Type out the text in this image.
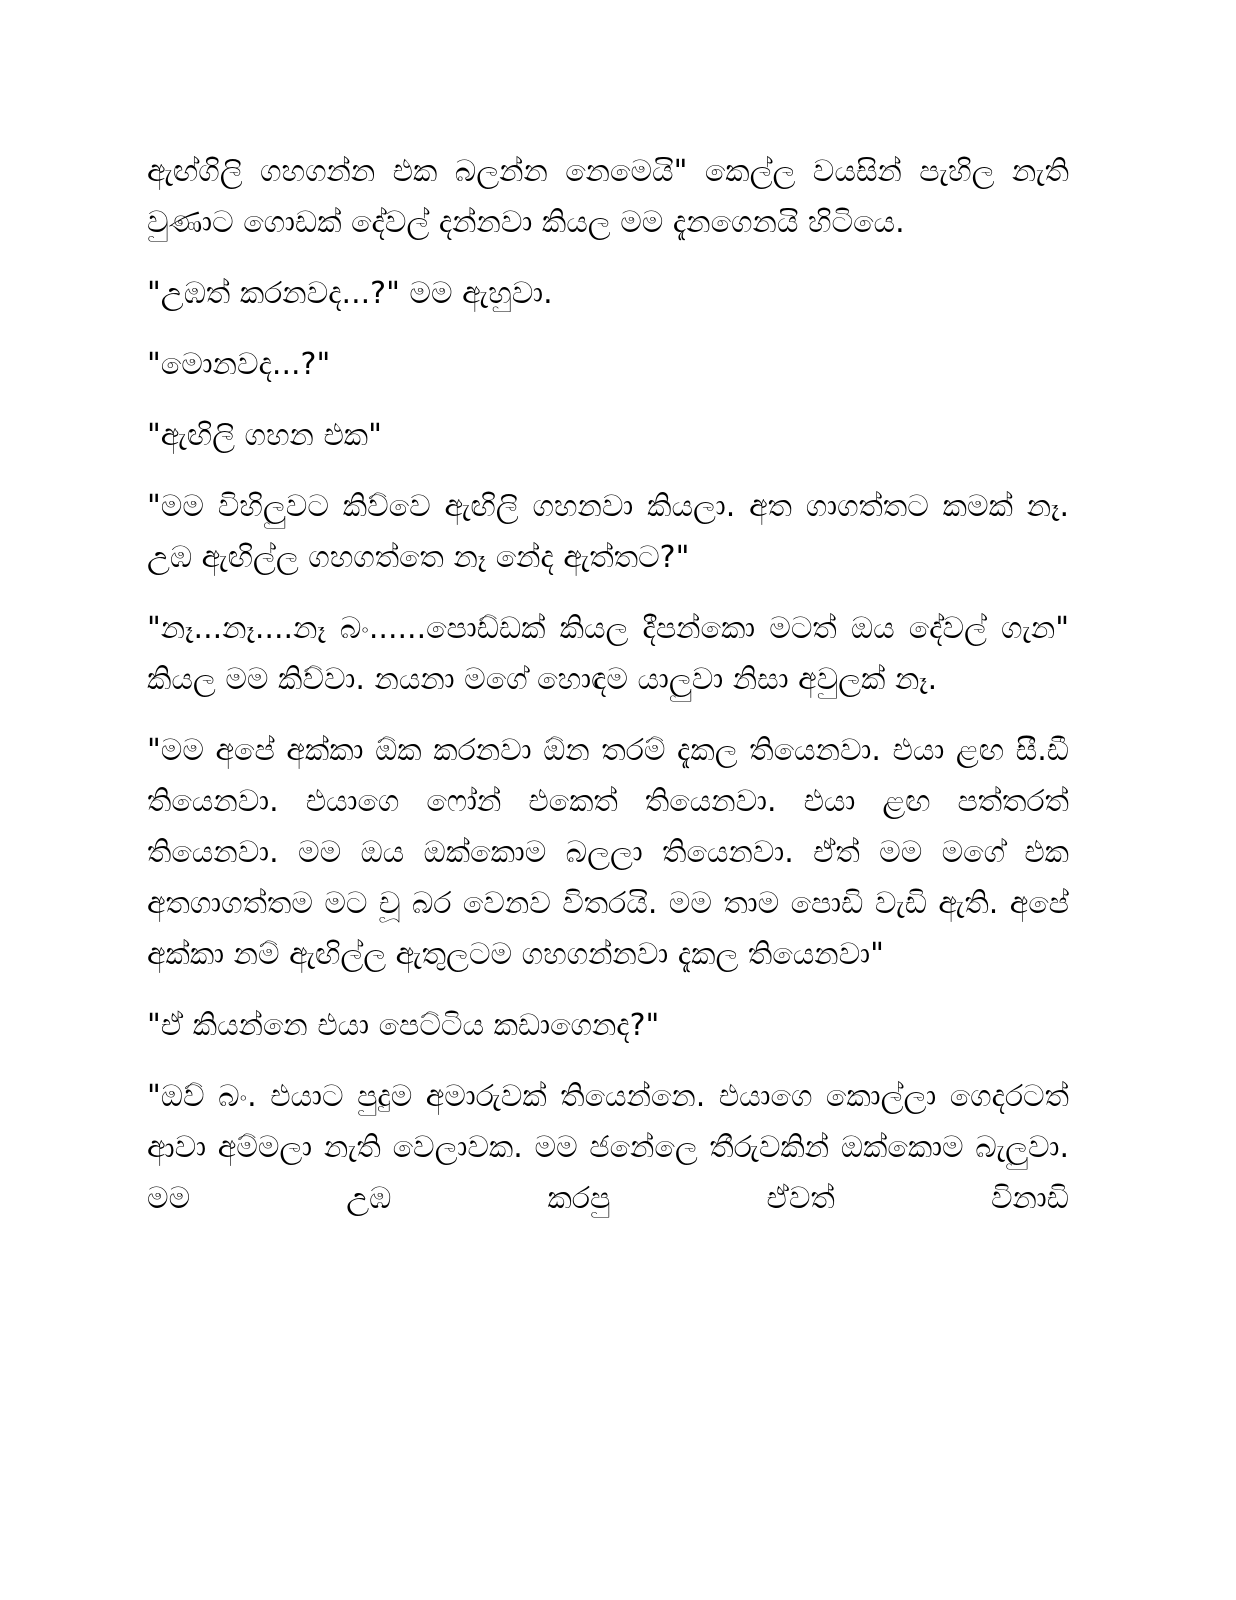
ඇඟ්ගිලි ගහගන්න එක බලන්න නෙමෙයි" කෙල්ල වයසින් පැහිල නැති වුණාට ගොඩක් දේවල් දන්නවා කියල මම දැනගෙනයි හිටියෙ.

"උඹත් කරනවද...?" මම ඇහුවා.

"මොනවද...?"

"ඇඟිලි ගහන එක"

"මම විහිලුවට කිව්වෙ ඇඟිලි ගහනවා කියලා. අත ගාගත්තට කමක් නෑ. උඹ ඇඟිල්ල ගහගත්තෙ නෑ නේද ඇත්තට?"

"නෑ...නෑ....නෑ බං......පොඩ්ඩක් කියල දීපන්කො මටත් ඔය දේවල් ගැන" කියල මම කිව්වා. නයනා මගේ හොඳම යාලුවා නිසා අවුලක් නෑ.

"මම අපේ අක්කා ඕක කරනවා ඕන තරම් දැකල තියෙනවා. එයා ළඟ සී.ඩී තියෙනවා. එයාගෙ ෆෝන් එකෙත් තියෙනවා. එයා ළඟ පත්තරත් තියෙනවා. මම ඔය ඔක්කොම බලලා තියෙනවා. ඒත් මම මගේ එක අතගාගත්තම මට චූ බර වෙනව විතරයි. මම තාම පොඩි වැඩි ඇති. අපේ අක්කා නම් ඇඟිල්ල ඇතුලටම ගහගන්නවා දැකල තියෙනවා"

"ඒ කියන්නෙ එයා පෙට්ටිය කඩාගෙනද?"

"ඔව් බං. එයාට පුදුම අමාරුවක් තියෙන්නෙ. එයාගෙ කොල්ලා ගෙදරටත් ආවා අම්මලා නැති වෙලාවක. මම ජනේලෙ තීරුවකින් ඔක්කොම බැලුවා. මම උඹ කරපු ඒවත් විනාඩි
